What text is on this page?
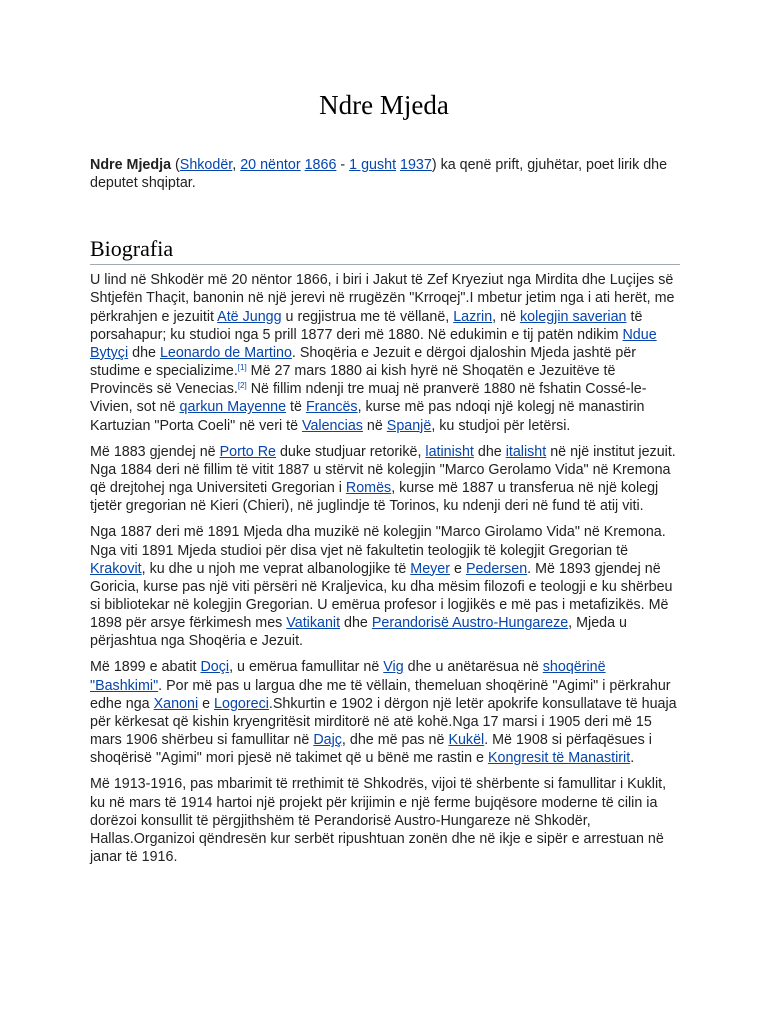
Ndre Mjeda

Ndre Mjedja (Shkodër, 20 nëntor 1866 - 1 gusht 1937) ka qenë prift, gjuhëtar, poet lirik dhe deputet shqiptar.

Biografia

U lind në Shkodër më 20 nëntor 1866, i biri i Jakut të Zef Kryeziut nga Mirdita dhe Luçijes së Shtjefën Thaçit, banonin në një jerevi në rrugëzën "Krroqej".I mbetur jetim nga i ati herët, me përkrahjen e jezuitit Atë Jungg u regjistrua me të vëllanë, Lazrin, në kolegjin saverian të porsahapur; ku studioi nga 5 prill 1877 deri më 1880. Në edukimin e tij patën ndikim Ndue Bytyçi dhe Leonardo de Martino. Shoqëria e Jezuit e dërgoi djaloshin Mjeda jashtë për studime e specializime.[1] Më 27 mars 1880 ai kish hyrë në Shoqatën e Jezuitëve të Provincës së Venecias.[2] Në fillim ndenji tre muaj në pranverë 1880 në fshatin Cossé-le-Vivien, sot në qarkun Mayenne të Francës, kurse më pas ndoqi një kolegj në manastirin Kartuzian "Porta Coeli" në veri të Valencias në Spanjë, ku studjoi për letërsi.

Më 1883 gjendej në Porto Re duke studjuar retorikë, latinisht dhe italisht në një institut jezuit. Nga 1884 deri në fillim të vitit 1887 u stërvit në kolegjin "Marco Gerolamo Vida" në Kremona që drejtohej nga Universiteti Gregorian i Romës, kurse më 1887 u transferua në një kolegj tjetër gregorian në Kieri (Chieri), në juglindje të Torinos, ku ndenji deri në fund të atij viti.

Nga 1887 deri më 1891 Mjeda dha muzikë në kolegjin "Marco Girolamo Vida" në Kremona. Nga viti 1891 Mjeda studioi për disa vjet në fakultetin teologjik të kolegjit Gregorian të Krakovit, ku dhe u njoh me veprat albanologjike të Meyer e Pedersen. Më 1893 gjendej në Goricia, kurse pas një viti përsëri në Kraljevica, ku dha mësim filozofi e teologji e ku shërbeu si bibliotekar në kolegjin Gregorian. U emërua profesor i logjikës e më pas i metafizikës. Më 1898 për arsye fërkimesh mes Vatikanit dhe Perandorisë Austro-Hungareze, Mjeda u përjashtua nga Shoqëria e Jezuit.

Më 1899 e abatit Doçi, u emërua famullitar në Vig dhe u anëtarësua në shoqërinë "Bashkimi". Por më pas u largua dhe me të vëllain, themeluan shoqërinë "Agimi" i përkrahur edhe nga Xanoni e Logoreci.Shkurtin e 1902 i dërgon një letër apokrife konsullatave të huaja për kërkesat që kishin kryengritësit mirditorë në atë kohë.Nga 17 marsi i 1905 deri më 15 mars 1906 shërbeu si famullitar në Dajç, dhe më pas në Kukël. Më 1908 si përfaqësues i shoqërisë "Agimi" mori pjesë në takimet që u bënë me rastin e Kongresit të Manastirit.

Më 1913-1916, pas mbarimit të rrethimit të Shkodrës, vijoi të shërbente si famullitar i Kuklit, ku në mars të 1914 hartoi një projekt për krijimin e një ferme bujqësore moderne të cilin ia dorëzoi konsullit të përgjithshëm të Perandorisë Austro-Hungareze në Shkodër, Hallas.Organizoi qëndresën kur serbët ripushtuan zonën dhe në ikje e sipër e arrestuan në janar të 1916.
